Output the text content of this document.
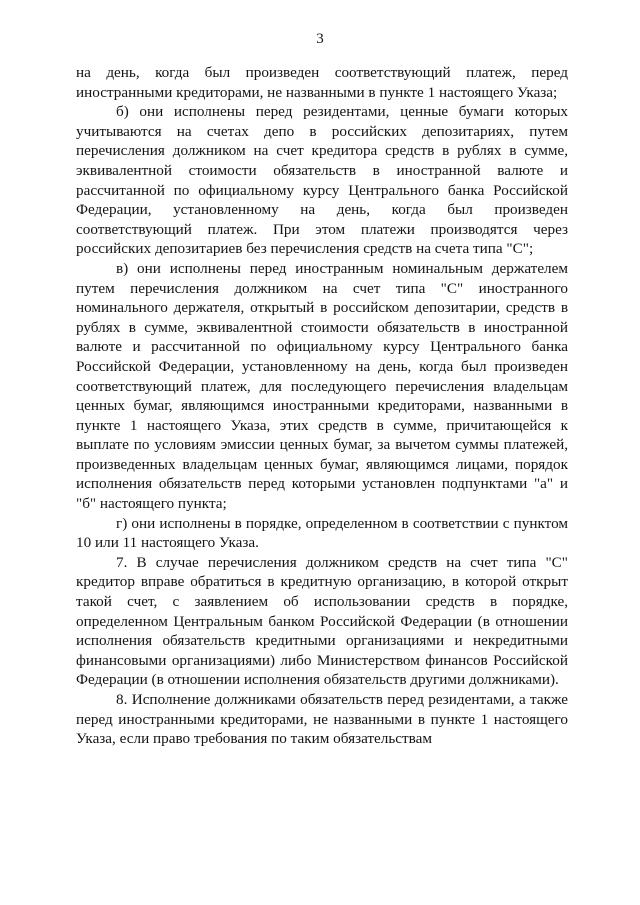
3

на день, когда был произведен соответствующий платеж, перед иностранными кредиторами, не названными в пункте 1 настоящего Указа;

б) они исполнены перед резидентами, ценные бумаги которых учитываются на счетах депо в российских депозитариях, путем перечисления должником на счет кредитора средств в рублях в сумме, эквивалентной стоимости обязательств в иностранной валюте и рассчитанной по официальному курсу Центрального банка Российской Федерации, установленному на день, когда был произведен соответствующий платеж. При этом платежи производятся через российских депозитариев без перечисления средств на счета типа "С";

в) они исполнены перед иностранным номинальным держателем путем перечисления должником на счет типа "С" иностранного номинального держателя, открытый в российском депозитарии, средств в рублях в сумме, эквивалентной стоимости обязательств в иностранной валюте и рассчитанной по официальному курсу Центрального банка Российской Федерации, установленному на день, когда был произведен соответствующий платеж, для последующего перечисления владельцам ценных бумаг, являющимся иностранными кредиторами, названными в пункте 1 настоящего Указа, этих средств в сумме, причитающейся к выплате по условиям эмиссии ценных бумаг, за вычетом суммы платежей, произведенных владельцам ценных бумаг, являющимся лицами, порядок исполнения обязательств перед которыми установлен подпунктами "а" и "б" настоящего пункта;

г) они исполнены в порядке, определенном в соответствии с пунктом 10 или 11 настоящего Указа.

7. В случае перечисления должником средств на счет типа "С" кредитор вправе обратиться в кредитную организацию, в которой открыт такой счет, с заявлением об использовании средств в порядке, определенном Центральным банком Российской Федерации (в отношении исполнения обязательств кредитными организациями и некредитными финансовыми организациями) либо Министерством финансов Российской Федерации (в отношении исполнения обязательств другими должниками).

8. Исполнение должниками обязательств перед резидентами, а также перед иностранными кредиторами, не названными в пункте 1 настоящего Указа, если право требования по таким обязательствам
